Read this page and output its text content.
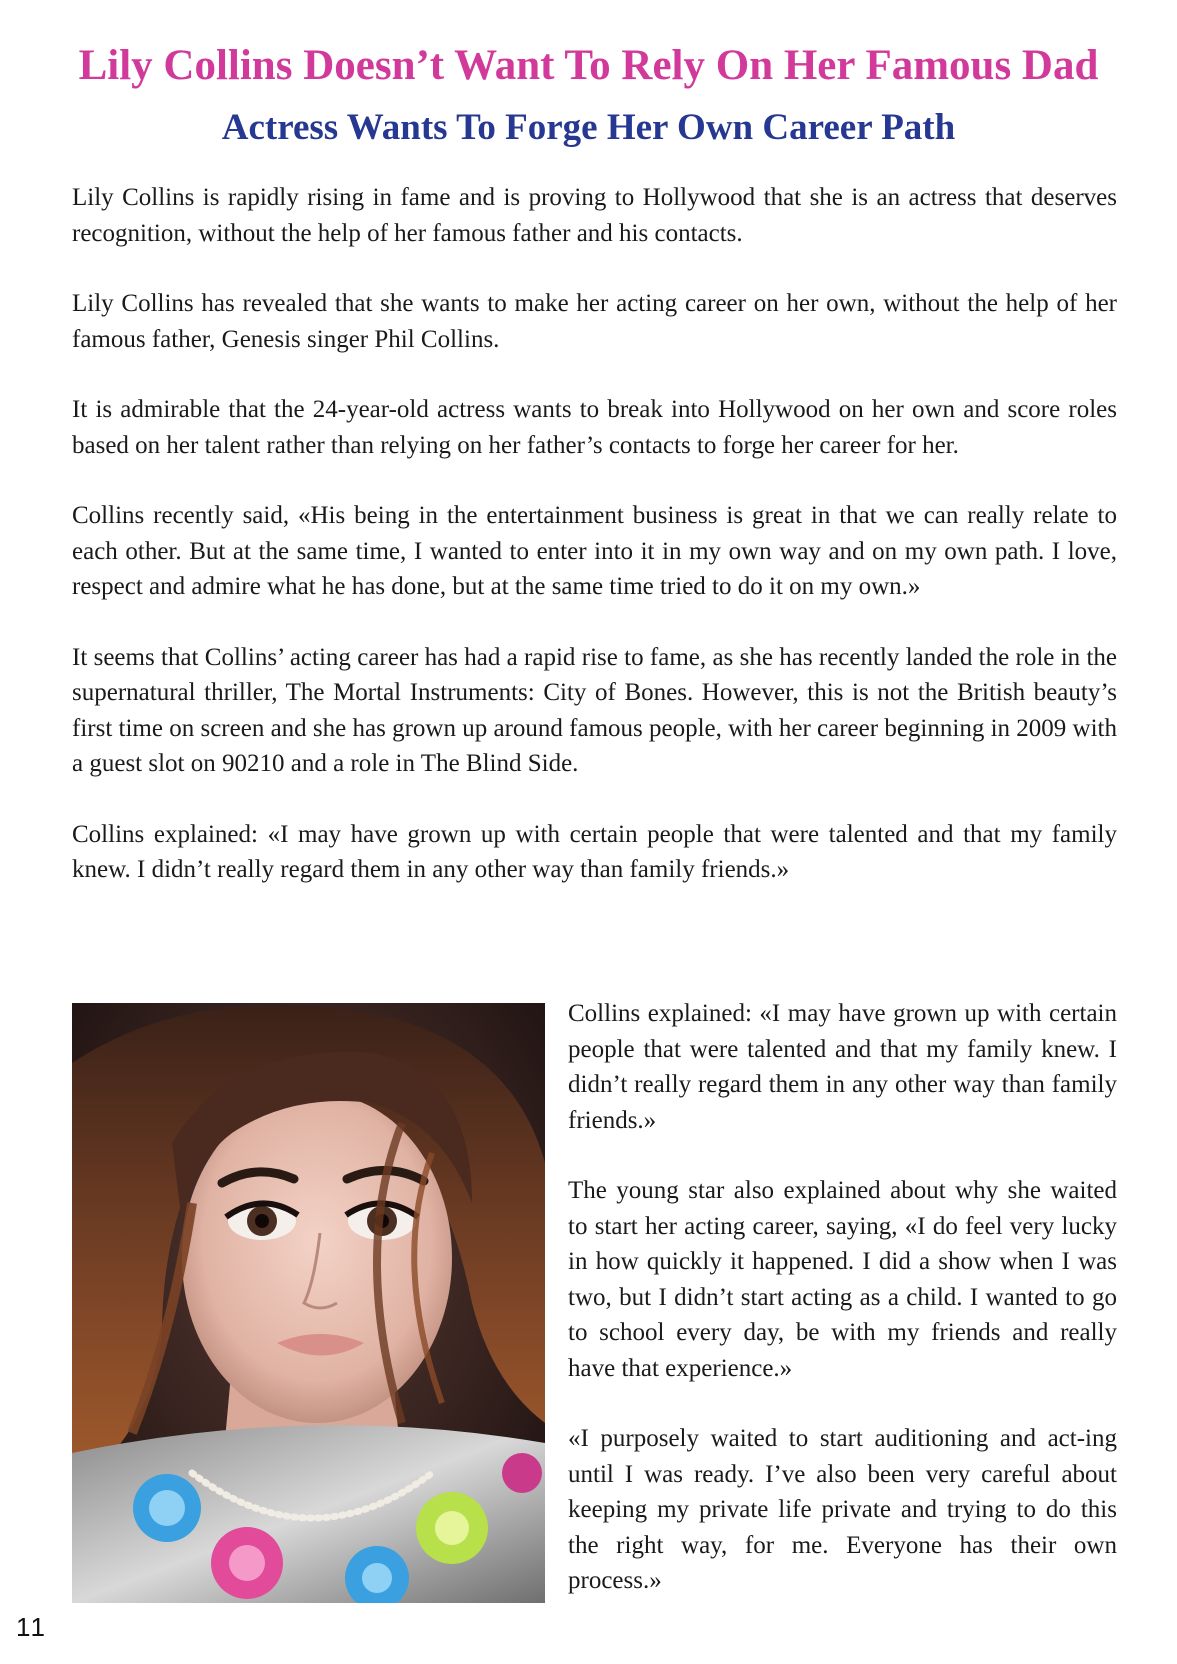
Lily Collins Doesn’t Want To Rely On Her Famous Dad
Actress Wants To Forge Her Own Career Path

Lily Collins is rapidly rising in fame and is proving to Hollywood that she is an actress that deserves recognition, without the help of her famous father and his contacts.

Lily Collins has revealed that she wants to make her acting career on her own, without the help of her famous father, Genesis singer Phil Collins.

It is admirable that the 24-year-old actress wants to break into Hollywood on her own and score roles based on her talent rather than relying on her father’s contacts to forge her career for her.

Collins recently said, «His being in the entertainment business is great in that we can really relate to each other. But at the same time, I wanted to enter into it in my own way and on my own path. I love, respect and admire what he has done, but at the same time tried to do it on my own.»

It seems that Collins’ acting career has had a rapid rise to fame, as she has recently landed the role in the supernatural thriller, The Mortal Instruments: City of Bones. However, this is not the British beauty’s first time on screen and she has grown up around famous people, with her career beginning in 2009 with a guest slot on 90210 and a role in The Blind Side.

Collins explained: «I may have grown up with certain people that were talented and that my family knew. I didn’t really regard them in any other way than family friends.»

Collins explained: «I may have grown up with certain people that were talented and that my family knew. I didn’t really regard them in any other way than family friends.»

The young star also explained about why she waited to start her acting career, saying, «I do feel very lucky in how quickly it happened. I did a show when I was two, but I didn’t start acting as a child. I wanted to go to school every day, be with my friends and really have that experience.»

«I purposely waited to start auditioning and act-ing until I was ready. I’ve also been very careful about keeping my private life private and trying to do this the right way, for me. Everyone has their own process.»

11
